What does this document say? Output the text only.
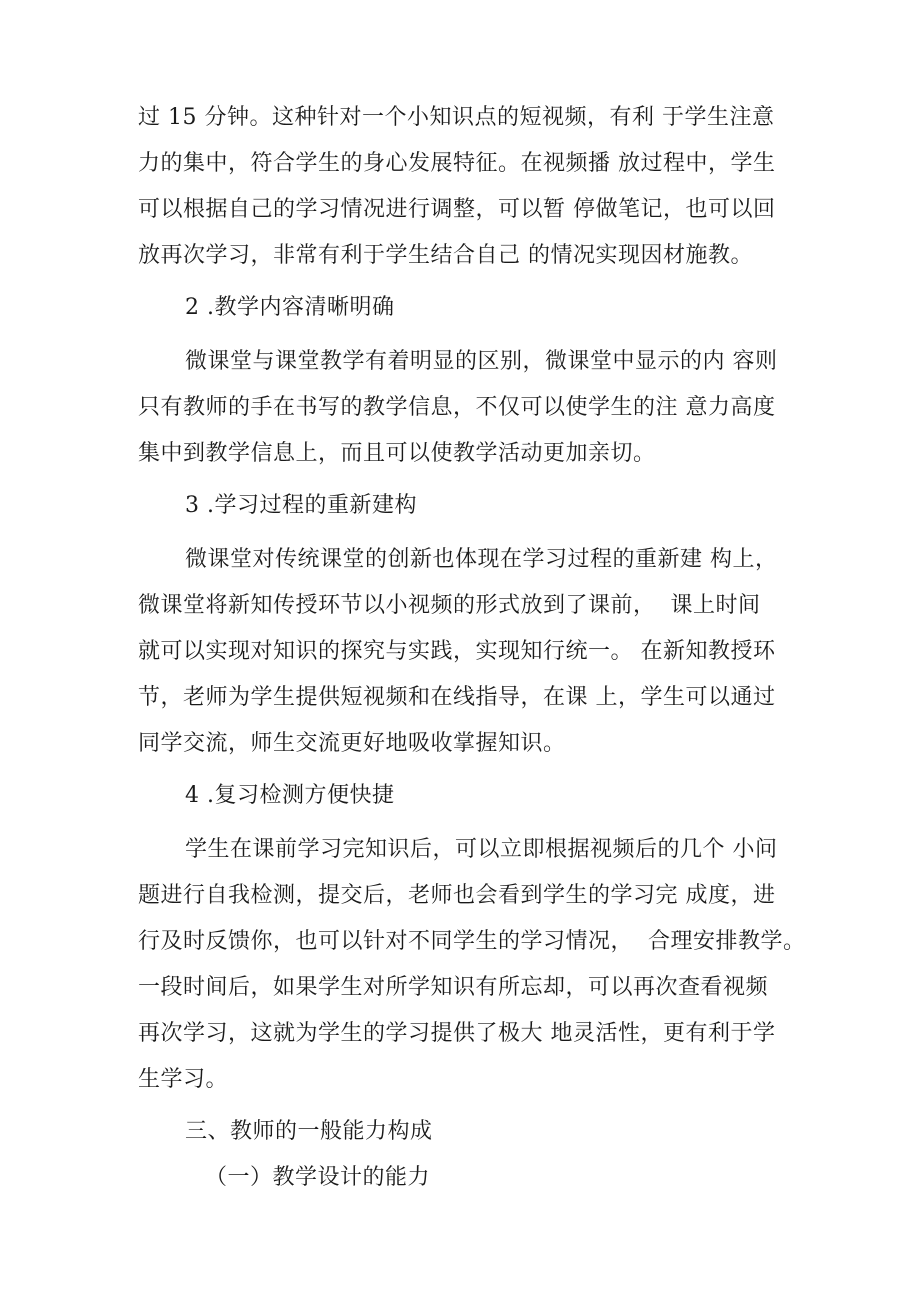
过 15 分钟。这种针对一个小知识点的短视频，有利 于学生注意
力的集中，符合学生的身心发展特征。在视频播 放过程中，学生
可以根据自己的学习情况进行调整，可以暂 停做笔记，也可以回
放再次学习，非常有利于学生结合自己 的情况实现因材施教。
2 .教学内容清晰明确
微课堂与课堂教学有着明显的区别，微课堂中显示的内 容则
只有教师的手在书写的教学信息，不仅可以使学生的注 意力高度
集中到教学信息上，而且可以使教学活动更加亲切。
3 .学习过程的重新建构
微课堂对传统课堂的创新也体现在学习过程的重新建 构上，
微课堂将新知传授环节以小视频的形式放到了课前，  课上时间
就可以实现对知识的探究与实践，实现知行统一。 在新知教授环
节，老师为学生提供短视频和在线指导，在课 上，学生可以通过
同学交流，师生交流更好地吸收掌握知识。
4 .复习检测方便快捷
学生在课前学习完知识后，可以立即根据视频后的几个 小问
题进行自我检测，提交后，老师也会看到学生的学习完 成度，进
行及时反馈你，也可以针对不同学生的学习情况，  合理安排教学。
一段时间后，如果学生对所学知识有所忘却，可以再次查看视频
再次学习，这就为学生的学习提供了极大 地灵活性，更有利于学
生学习。
三、教师的一般能力构成
（一）教学设计的能力
